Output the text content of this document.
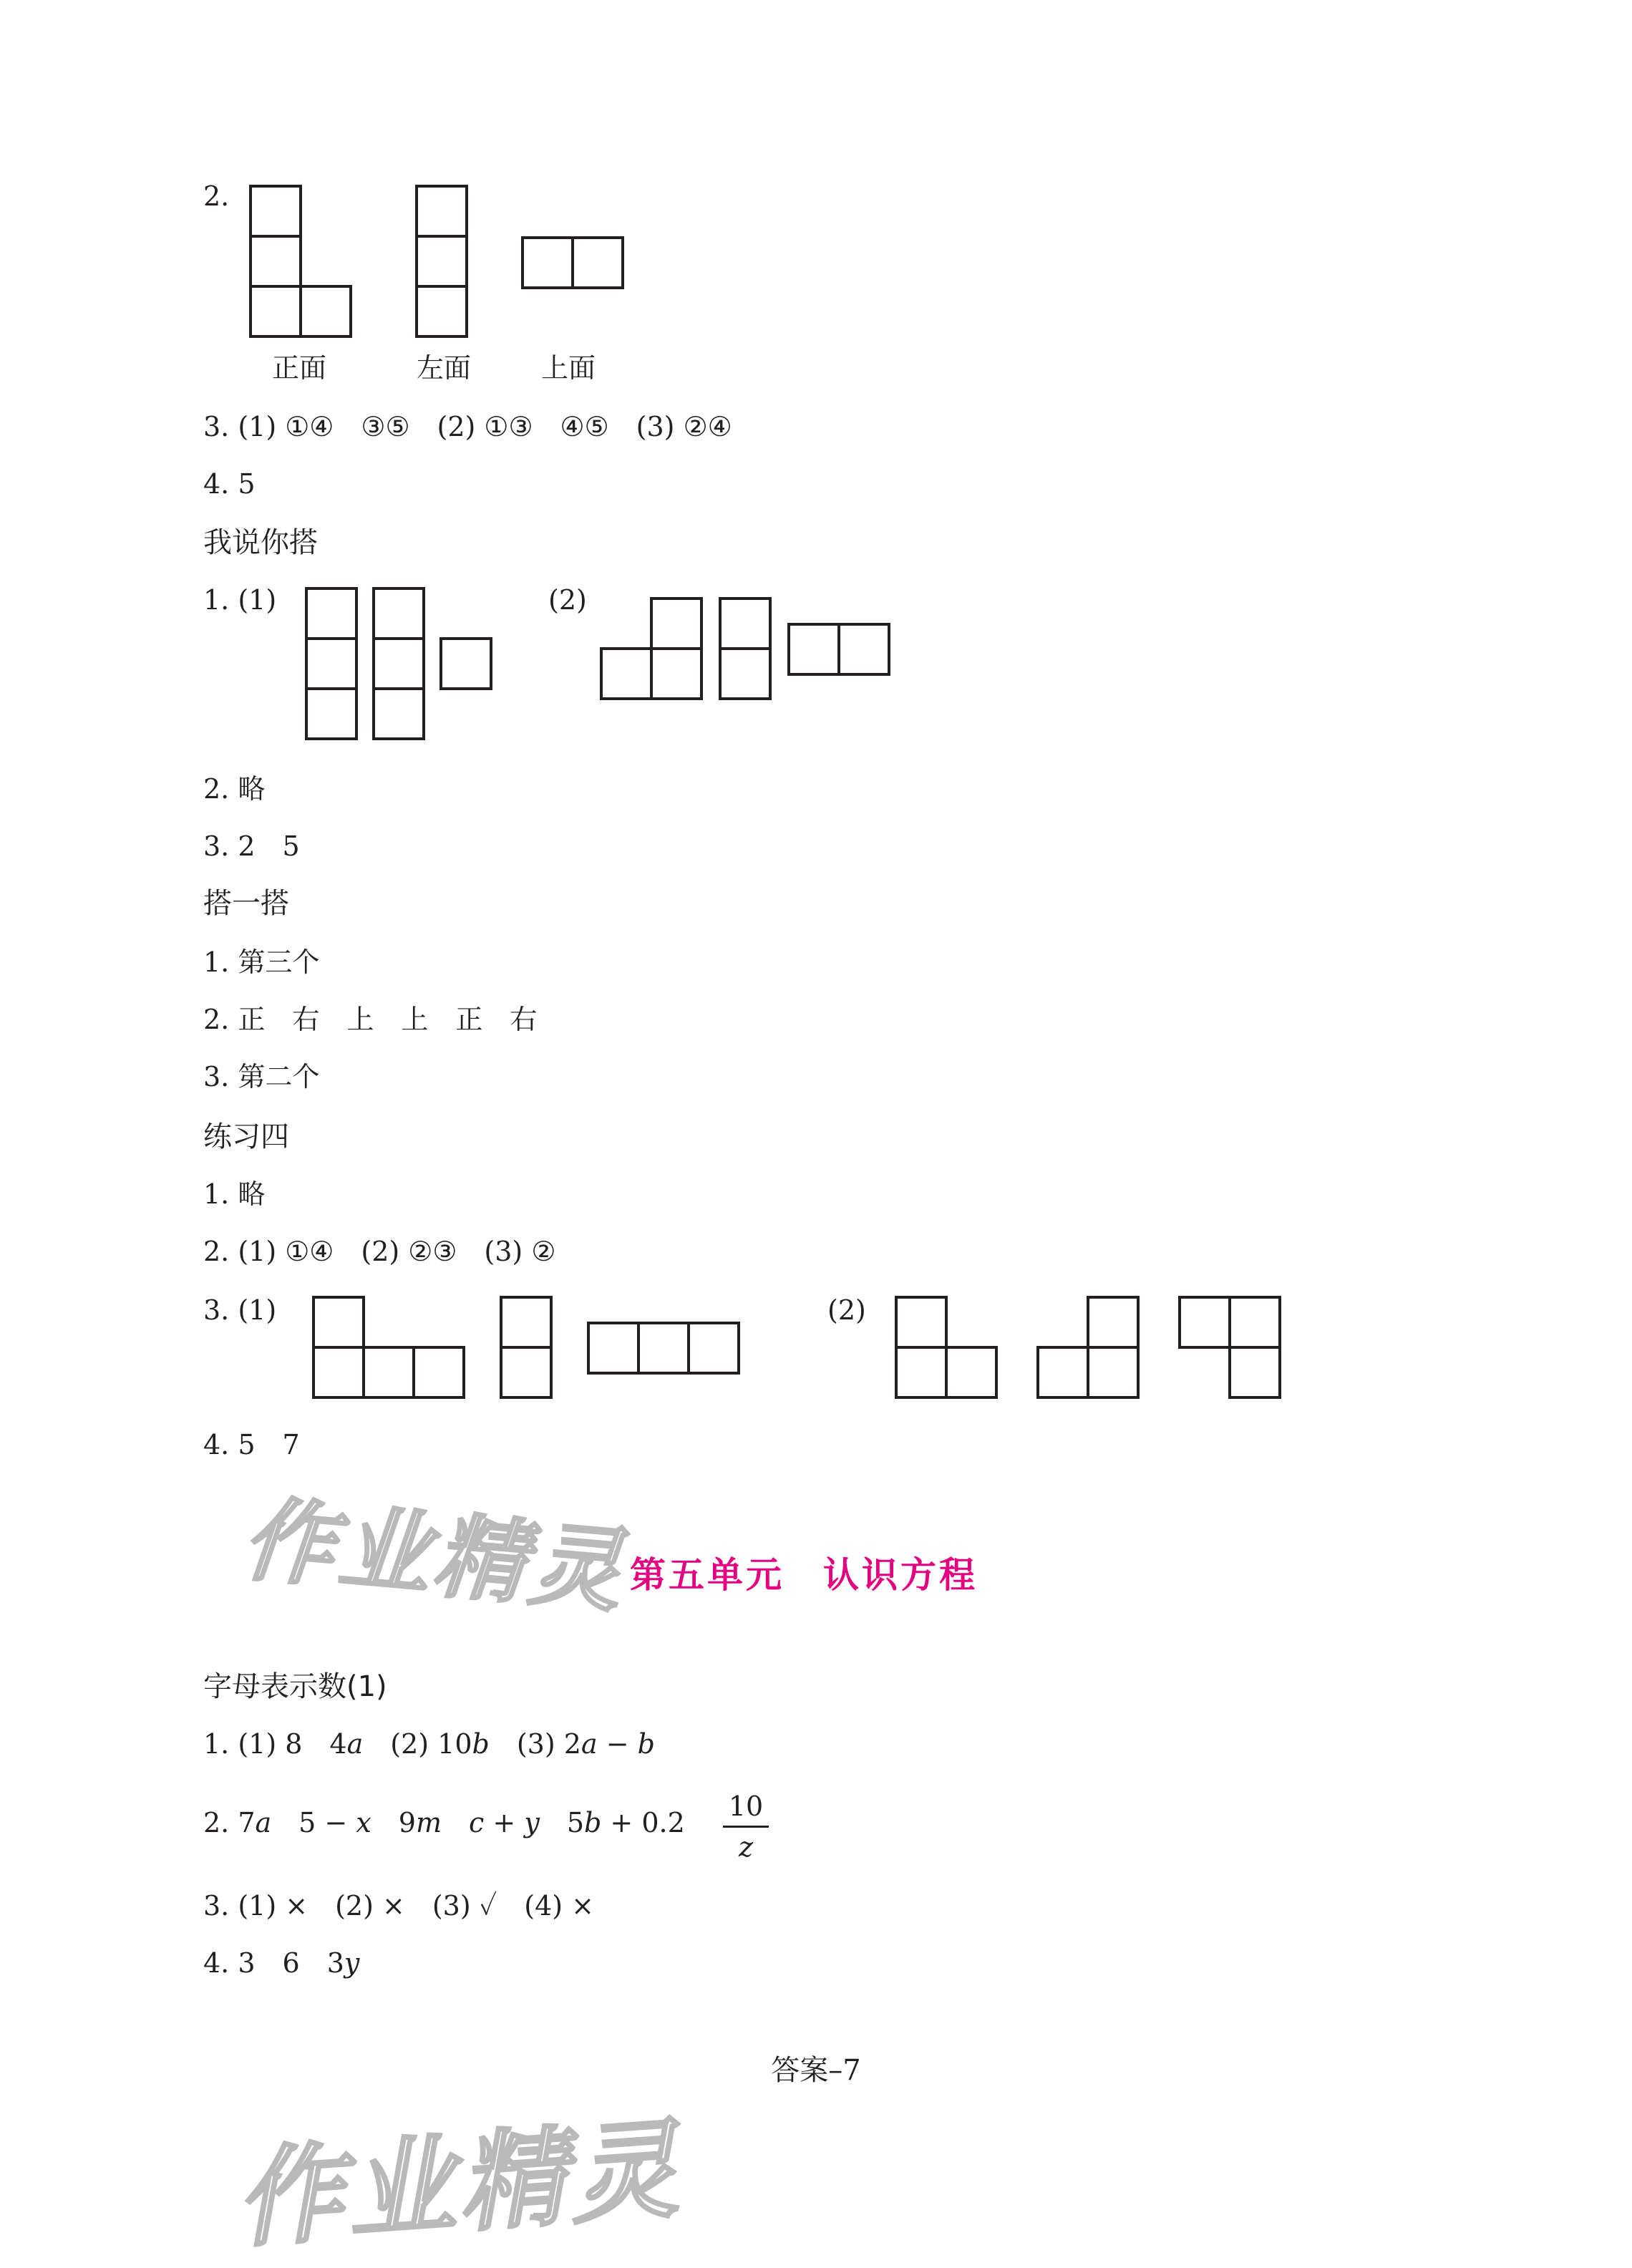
2.
正面	左面	上面
3. (1) ①④　③⑤　(2) ①③　④⑤　(3) ②④
4. 5
我说你搭
1. (1)	(2)
2. 略
3. 2　5
搭一搭
1. 第三个
2. 正　右　上　上　正　右
3. 第二个
练习四
1. 略
2. (1) ①④　(2) ②③　(3) ②
3. (1)	(2)
4. 5　7
作业精灵 第五单元　认识方程
字母表示数(1)
1. (1) 8　4a　(2) 10b　(3) 2a − b
2. 7a　5 − x　9m　 c + y　5b + 0.2
10
z
3. (1) ×　(2) ×　(3) ✓　(4) ×
4. 3　6　3y
答案–7
作业精灵
